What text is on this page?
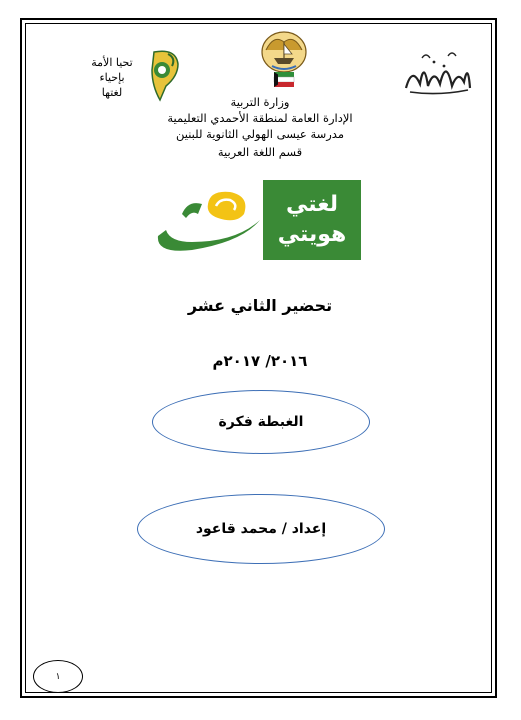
تحيا الأمة
بإحياء
لغتها
وزارة التربية
الإدارة العامة لمنطقة الأحمدي التعليمية
مدرسة عيسى الهولي الثانوية للبنين
قسم اللغة العربية
لغتي
هويتي
تحضير الثاني عشر
٢٠١٦/ ٢٠١٧م
الغبطة فكرة
إعداد / محمد قاعود
١
